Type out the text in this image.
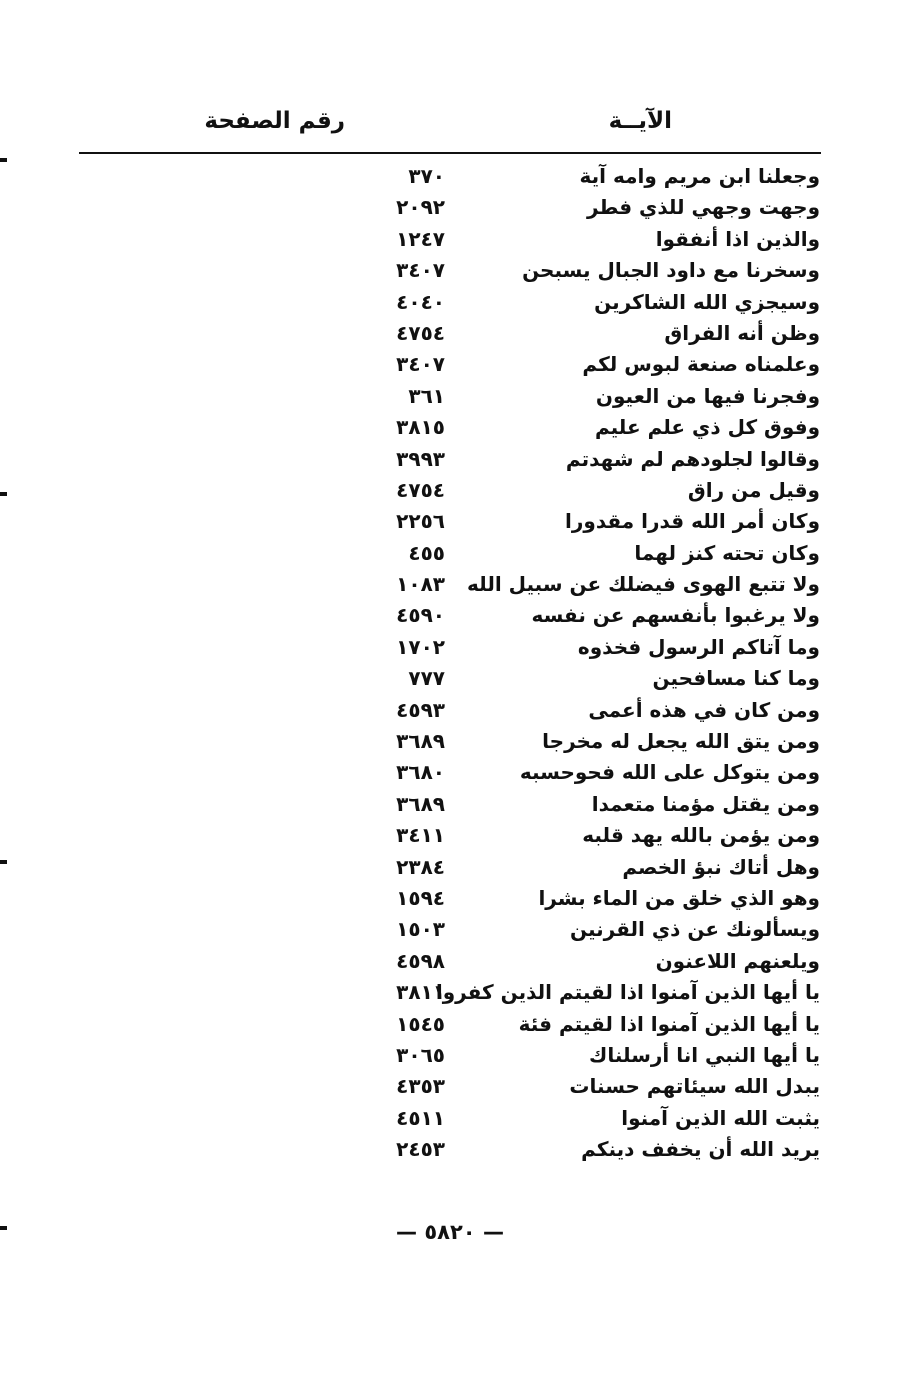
الآيــة
رقم الصفحة
وجعلنا ابن مريم وامه آية
٣٧٠
وجهت وجهي للذي فطر
٢٠٩٢
والذين اذا أنفقوا
١٢٤٧
وسخرنا مع داود الجبال يسبحن
٣٤٠٧
وسيجزي الله الشاكرين
٤٠٤٠
وظن أنه الفراق
٤٧٥٤
وعلمناه صنعة لبوس لكم
٣٤٠٧
وفجرنا فيها من العيون
٣٦١
وفوق كل ذي علم عليم
٣٨١٥
وقالوا لجلودهم لم شهدتم
٣٩٩٣
وقيل من راق
٤٧٥٤
وكان أمر الله قدرا مقدورا
٢٢٥٦
وكان تحته كنز لهما
٤٥٥
ولا تتبع الهوى فيضلك عن سبيل الله
١٠٨٣
ولا يرغبوا بأنفسهم عن نفسه
٤٥٩٠
وما آتاكم الرسول فخذوه
١٧٠٢
وما كنا مسافحين
٧٧٧
ومن كان في هذه أعمى
٤٥٩٣
ومن يتق الله يجعل له مخرجا
٣٦٨٩
ومن يتوكل على الله فحوحسبه
٣٦٨٠
ومن يقتل مؤمنا متعمدا
٣٦٨٩
ومن يؤمن بالله يهد قلبه
٣٤١١
وهل أتاك نبؤ الخصم
٢٣٨٤
وهو الذي خلق من الماء بشرا
١٥٩٤
ويسألونك عن ذي القرنين
١٥٠٣
ويلعنهم اللاعنون
٤٥٩٨
يا أيها الذين آمنوا اذا لقيتم الذين كفروا
٣٨١١
يا أيها الذين آمنوا اذا لقيتم فئة
١٥٤٥
يا أيها النبي انا أرسلناك
٣٠٦٥
يبدل الله سيئاتهم حسنات
٤٣٥٣
يثبت الله الذين آمنوا
٤٥١١
يريد الله أن يخفف دينكم
٢٤٥٣
— ٥٨٢٠ —
